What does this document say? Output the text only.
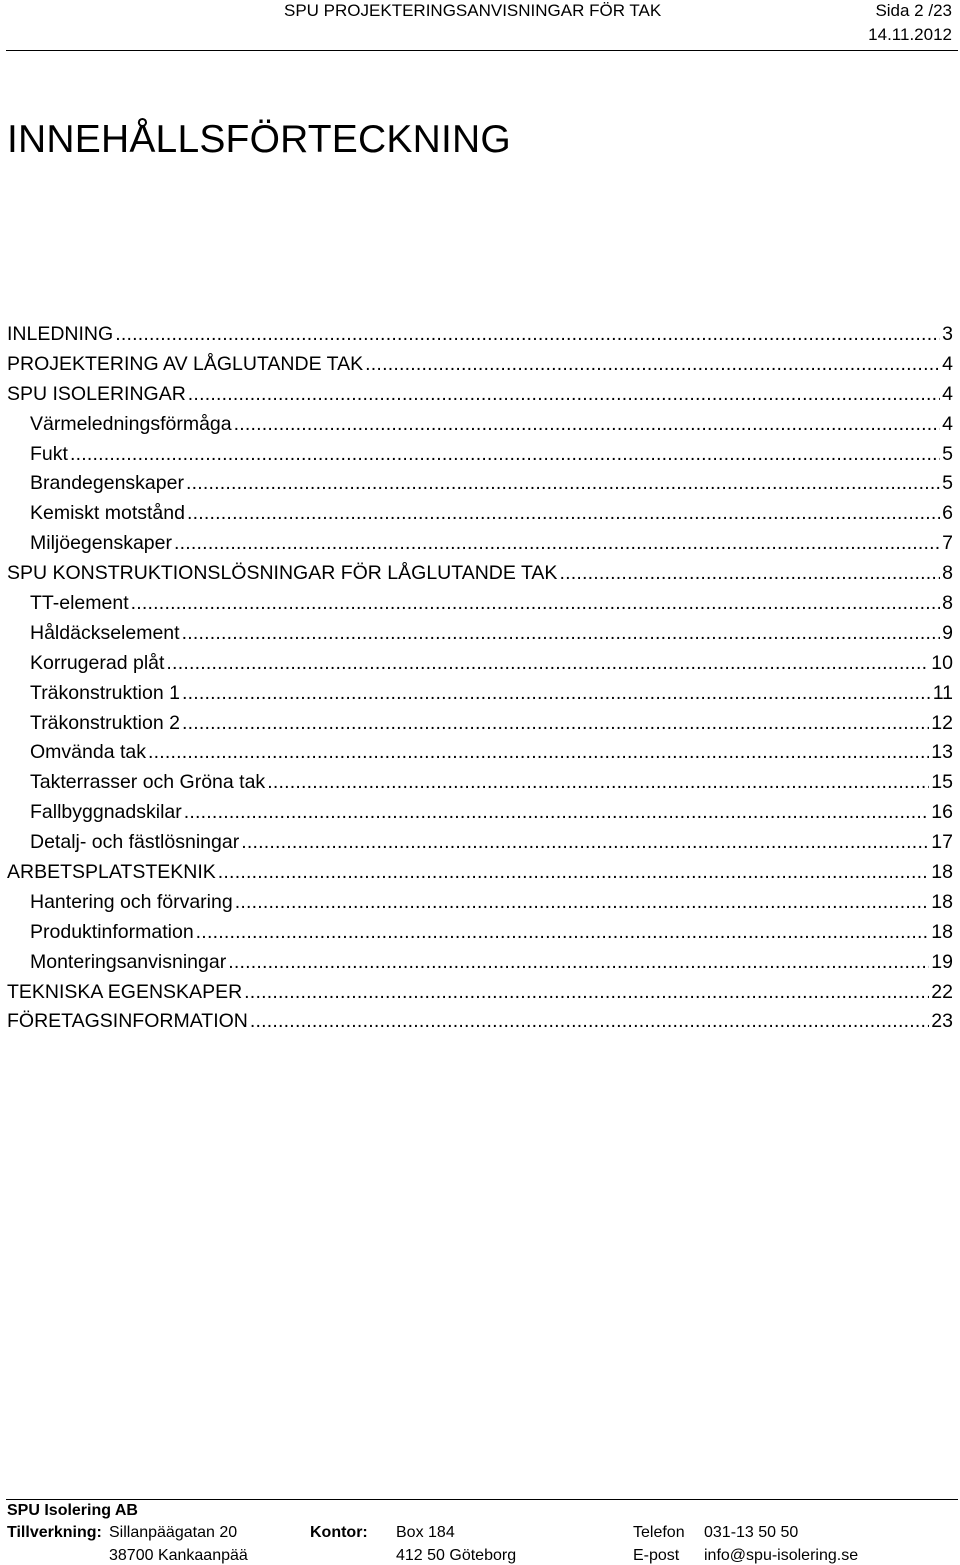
SPU PROJEKTERINGSANVISNINGAR FÖR TAK	Sida 2 /23
14.11.2012
INNEHÅLLSFÖRTECKNING
INLEDNING . . .	3
PROJEKTERING AV LÅGLUTANDE TAK . . .	4
SPU ISOLERINGAR . . .	4
Värmeledningsförmåga . . .	4
Fukt . . .	5
Brandegenskaper . . .	5
Kemiskt motstånd . . .	6
Miljöegenskaper . . .	7
SPU KONSTRUKTIONSLÖSNINGAR FÖR LÅGLUTANDE TAK . . .	8
TT-element . . .	8
Håldäckselement . . .	9
Korrugerad plåt . . .	10
Träkonstruktion 1 . . .	11
Träkonstruktion 2 . . .	12
Omvända tak . . .	13
Takterrasser och Gröna tak . . .	15
Fallbyggnadskilar . . .	16
Detalj- och fästlösningar . . .	17
ARBETSPLATSTEKNIK . . .	18
Hantering och förvaring . . .	18
Produktinformation . . .	18
Monteringsanvisningar . . .	19
TEKNISKA EGENSKAPER . . .	22
FÖRETAGSINFORMATION . . .	23
SPU Isolering AB
Tillverkning: Sillanpäägatan 20
38700 Kankaanpää
Kontor: Box 184
412 50 Göteborg
Telefon 031-13 50 50
E-post info@spu-isolering.se
